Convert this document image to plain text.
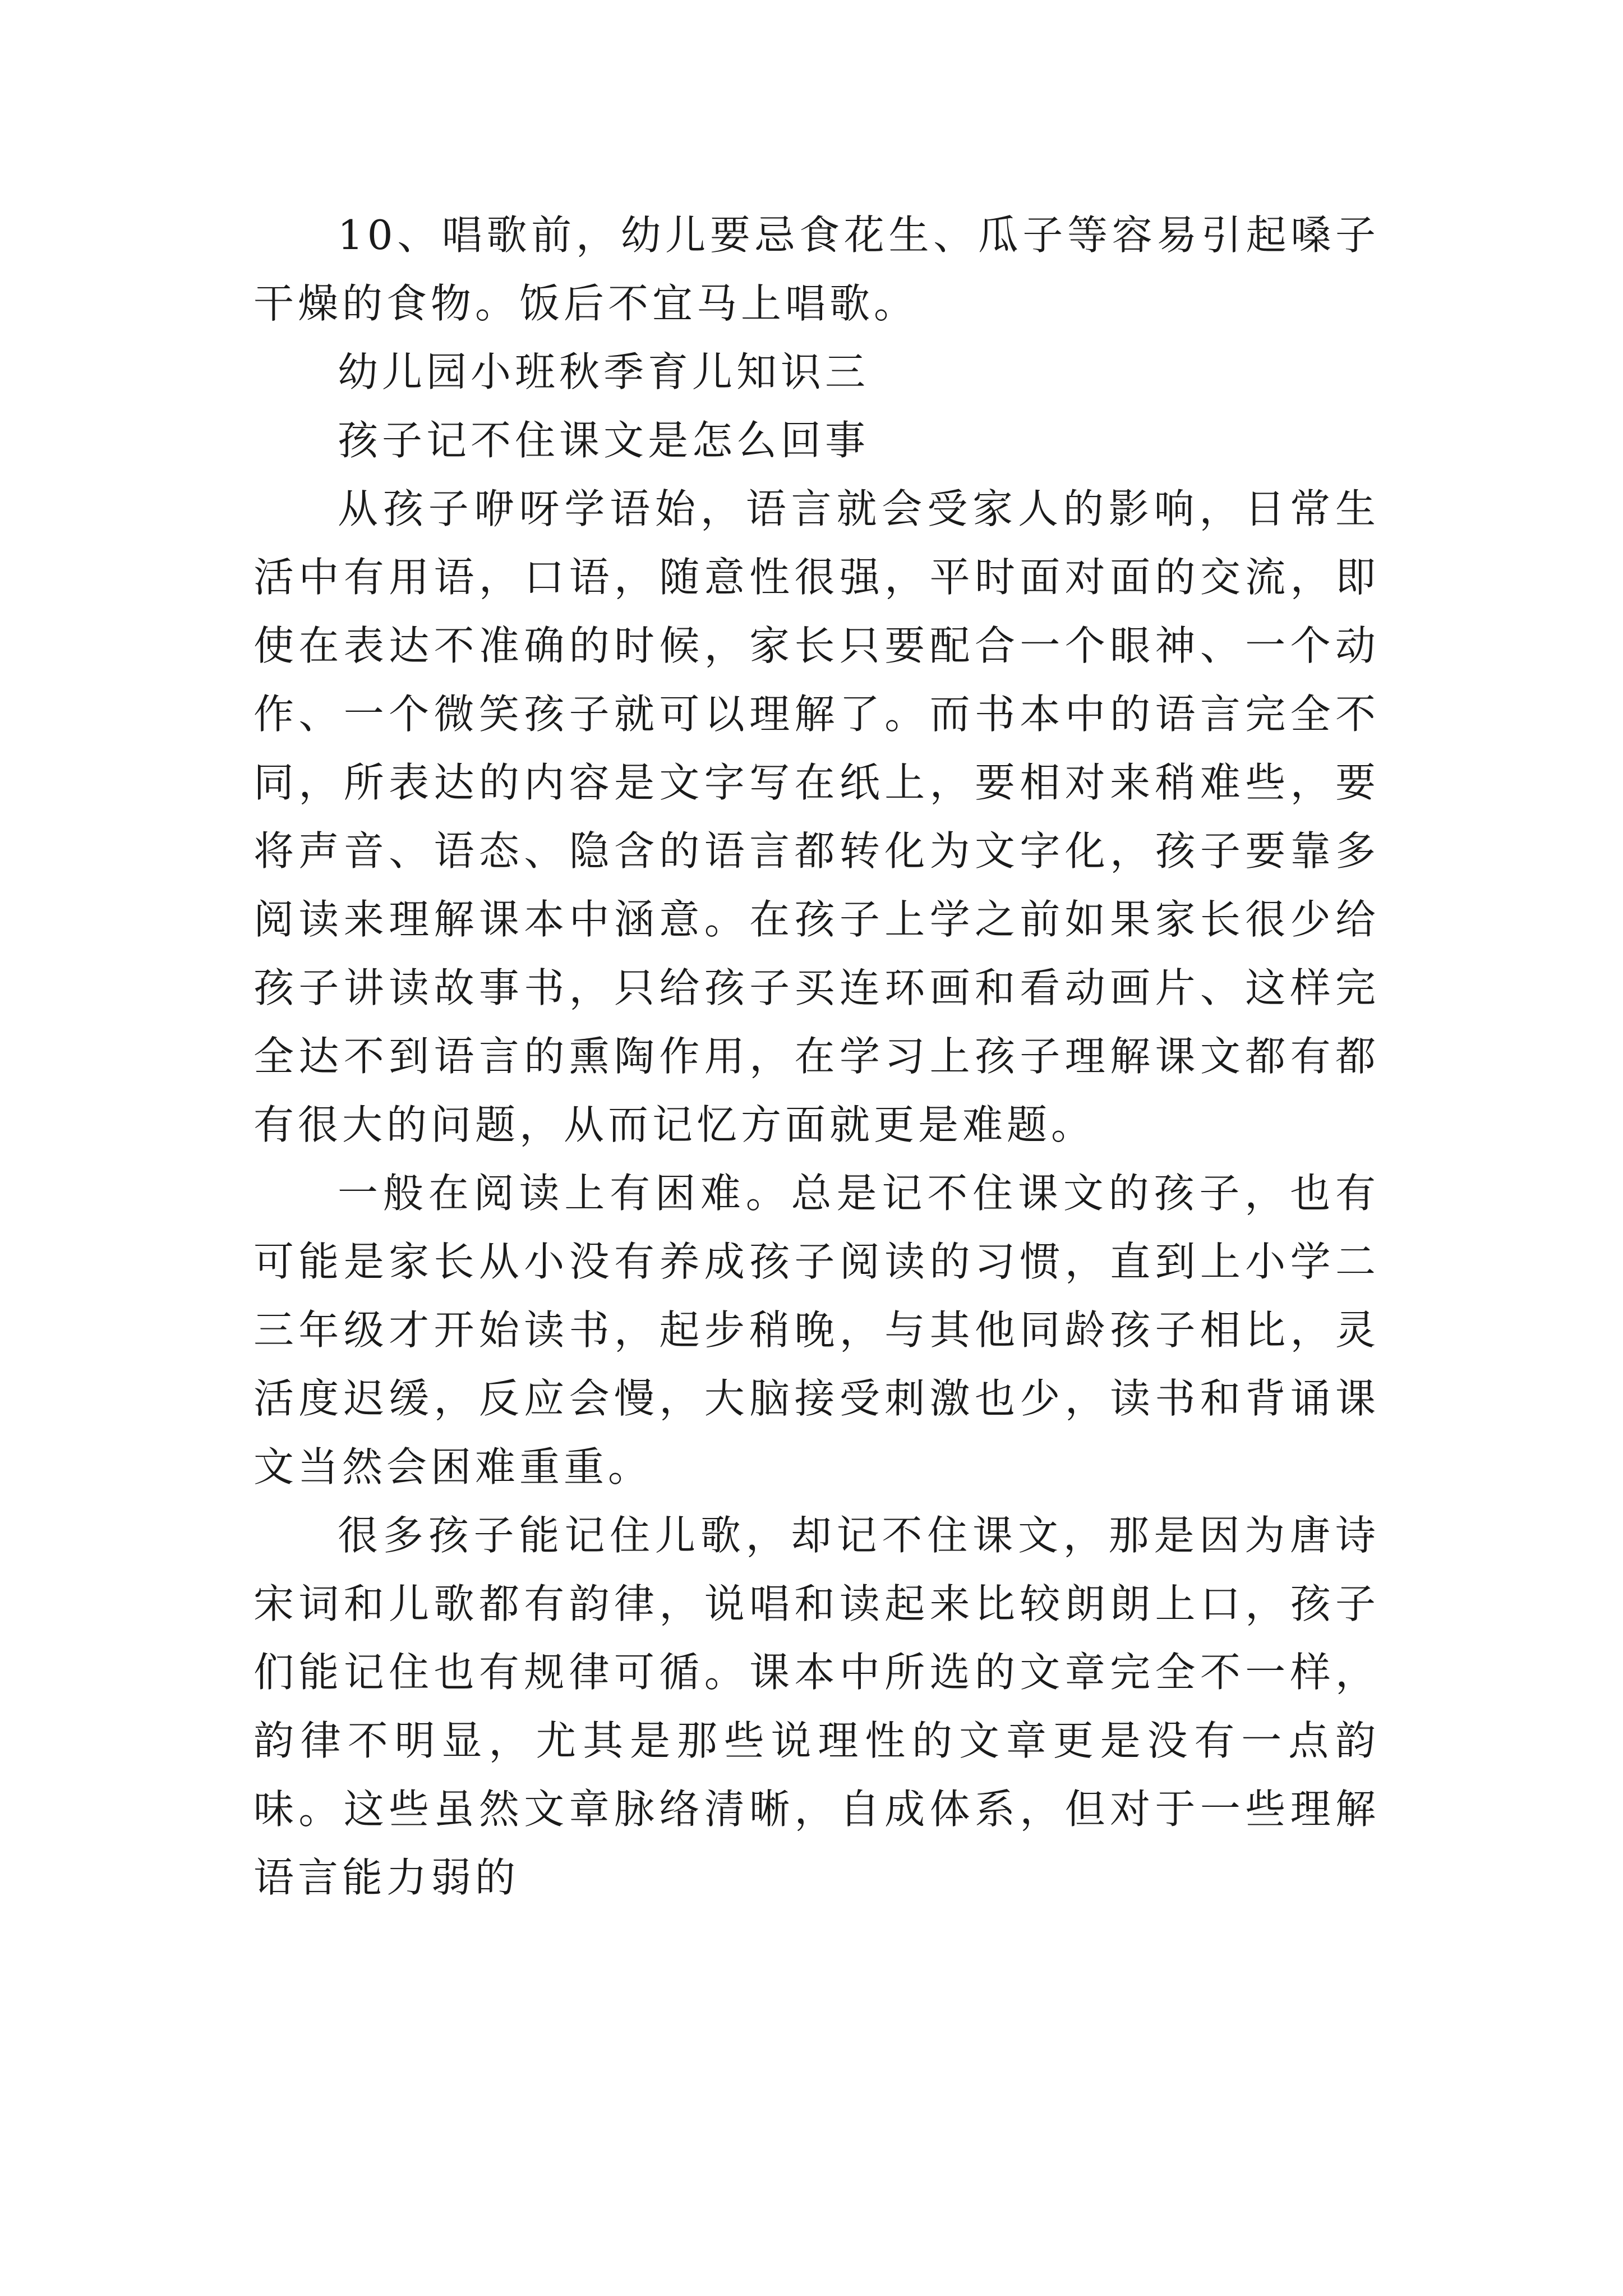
10、唱歌前，幼儿要忌食花生、瓜子等容易引起嗓子干燥的食物。饭后不宜马上唱歌。

幼儿园小班秋季育儿知识三

孩子记不住课文是怎么回事

从孩子咿呀学语始，语言就会受家人的影响，日常生活中有用语，口语，随意性很强，平时面对面的交流，即使在表达不准确的时候，家长只要配合一个眼神、一个动作、一个微笑孩子就可以理解了。而书本中的语言完全不同，所表达的内容是文字写在纸上，要相对来稍难些，要将声音、语态、隐含的语言都转化为文字化，孩子要靠多阅读来理解课本中涵意。在孩子上学之前如果家长很少给孩子讲读故事书，只给孩子买连环画和看动画片、这样完全达不到语言的熏陶作用，在学习上孩子理解课文都有都有很大的问题，从而记忆方面就更是难题。

一般在阅读上有困难。总是记不住课文的孩子，也有可能是家长从小没有养成孩子阅读的习惯，直到上小学二三年级才开始读书，起步稍晚，与其他同龄孩子相比，灵活度迟缓，反应会慢，大脑接受刺激也少，读书和背诵课文当然会困难重重。

很多孩子能记住儿歌，却记不住课文，那是因为唐诗宋词和儿歌都有韵律，说唱和读起来比较朗朗上口，孩子们能记住也有规律可循。课本中所选的文章完全不一样，韵律不明显，尤其是那些说理性的文章更是没有一点韵味。这些虽然文章脉络清晰，自成体系，但对于一些理解语言能力弱的
